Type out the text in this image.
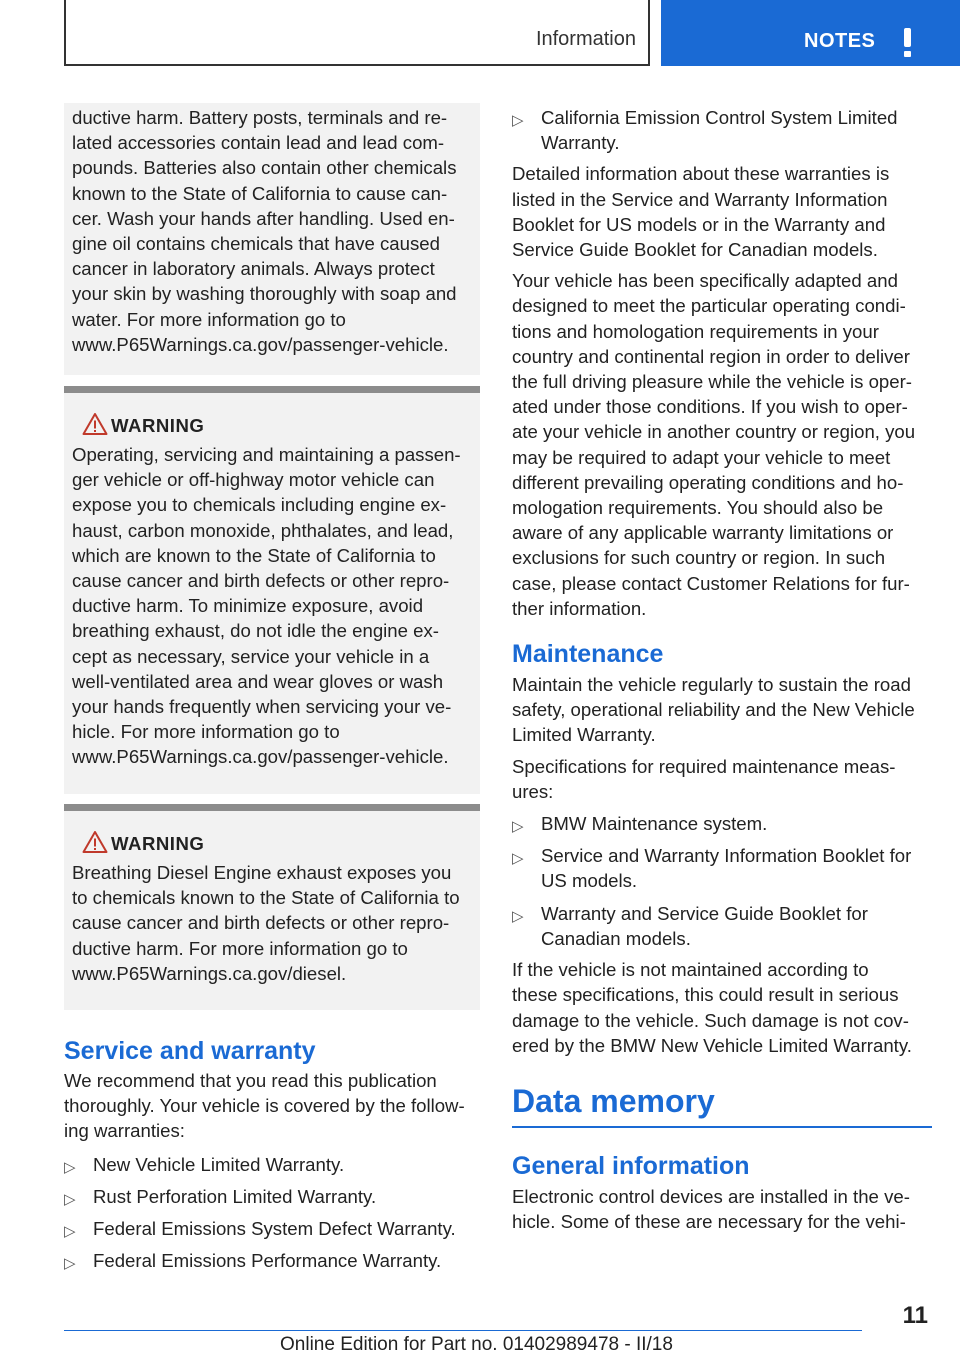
Information	NOTES
ductive harm. Battery posts, terminals and re-
lated accessories contain lead and lead com-
pounds. Batteries also contain other chemicals
known to the State of California to cause can-
cer. Wash your hands after handling. Used en-
gine oil contains chemicals that have caused
cancer in laboratory animals. Always protect
your skin by washing thoroughly with soap and
water. For more information go to
www.P65Warnings.ca.gov/passenger-vehicle.
WARNING
Operating, servicing and maintaining a passen-
ger vehicle or off-highway motor vehicle can
expose you to chemicals including engine ex-
haust, carbon monoxide, phthalates, and lead,
which are known to the State of California to
cause cancer and birth defects or other repro-
ductive harm. To minimize exposure, avoid
breathing exhaust, do not idle the engine ex-
cept as necessary, service your vehicle in a
well-ventilated area and wear gloves or wash
your hands frequently when servicing your ve-
hicle. For more information go to
www.P65Warnings.ca.gov/passenger-vehicle.
WARNING
Breathing Diesel Engine exhaust exposes you
to chemicals known to the State of California to
cause cancer and birth defects or other repro-
ductive harm. For more information go to
www.P65Warnings.ca.gov/diesel.
Service and warranty
We recommend that you read this publication
thoroughly. Your vehicle is covered by the follow-
ing warranties:
▷ New Vehicle Limited Warranty.
▷ Rust Perforation Limited Warranty.
▷ Federal Emissions System Defect Warranty.
▷ Federal Emissions Performance Warranty.
▷ California Emission Control System Limited
Warranty.
Detailed information about these warranties is
listed in the Service and Warranty Information
Booklet for US models or in the Warranty and
Service Guide Booklet for Canadian models.
Your vehicle has been specifically adapted and
designed to meet the particular operating condi-
tions and homologation requirements in your
country and continental region in order to deliver
the full driving pleasure while the vehicle is oper-
ated under those conditions. If you wish to oper-
ate your vehicle in another country or region, you
may be required to adapt your vehicle to meet
different prevailing operating conditions and ho-
mologation requirements. You should also be
aware of any applicable warranty limitations or
exclusions for such country or region. In such
case, please contact Customer Relations for fur-
ther information.
Maintenance
Maintain the vehicle regularly to sustain the road
safety, operational reliability and the New Vehicle
Limited Warranty.
Specifications for required maintenance meas-
ures:
▷ BMW Maintenance system.
▷ Service and Warranty Information Booklet for
US models.
▷ Warranty and Service Guide Booklet for
Canadian models.
If the vehicle is not maintained according to
these specifications, this could result in serious
damage to the vehicle. Such damage is not cov-
ered by the BMW New Vehicle Limited Warranty.
Data memory
General information
Electronic control devices are installed in the ve-
hicle. Some of these are necessary for the vehi-
11
Online Edition for Part no. 01402989478 - II/18
